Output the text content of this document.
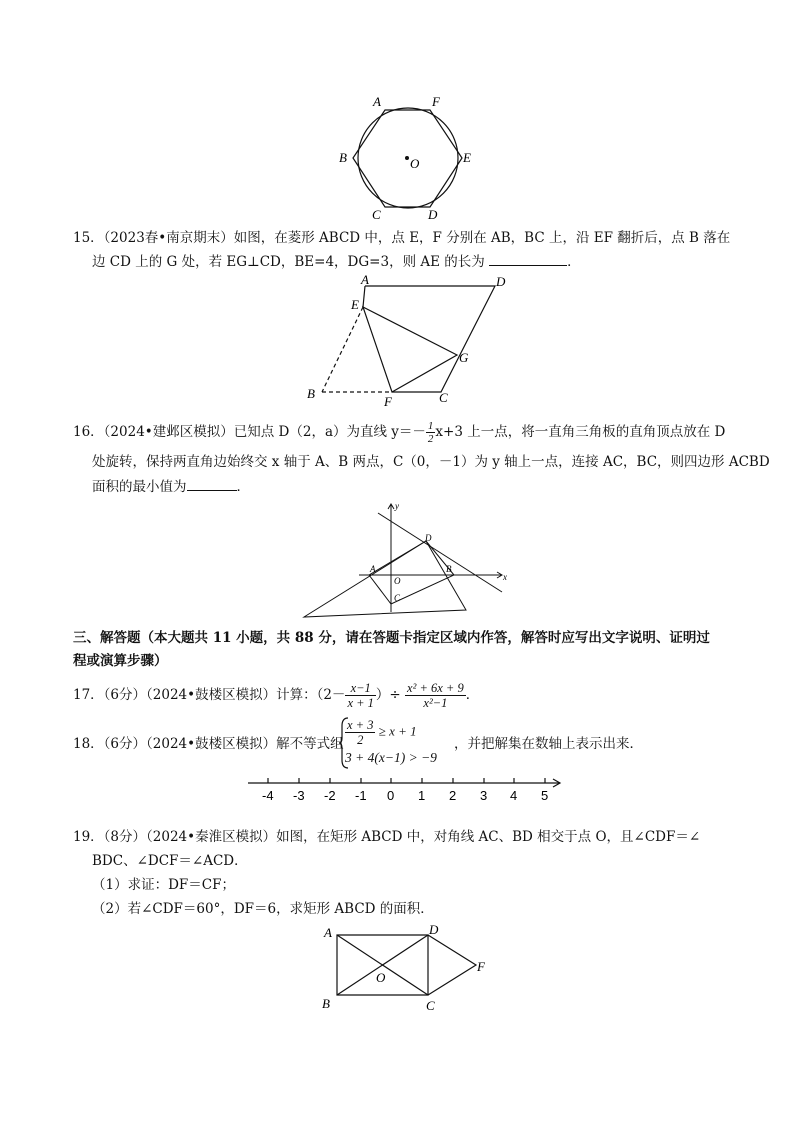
A	F
B	O	E
C	D
A	D
E
G
B
F	C
y
x
D
A
O
B
C
-4 -3 -2 -1 0 1 2 3 4 5
A	D
F
O
B	C
15．（2023春•南京期末）如图，在菱形 ABCD 中，点 E，F 分别在 AB，BC 上，沿 EF 翻折后，点 B 落在
边 CD 上的 G 处，若 EG⊥CD，BE=4，DG=3，则 AE 的长为	．
16．（2024•建邺区模拟）已知点 D（2，a）为直线 $y=- \frac{1}{2} x+3$ 上一点，将一直角三角板的直角顶点放在 D
处旋转，保持两直角边始终交 x 轴于 A、B 两点，C（0，－1）为 y 轴上一点，连接 AC，BC，则四边形 ACBD
面积的最小值为	．
三、解答题（本大题共 11 小题，共 88 分，请在答题卡指定区域内作答，解答时应写出文字说明、证明过
程或演算步骤）
17．（6分）（2024•鼓楼区模拟）计算：（$2- \frac{x-1}{x + 1}$ ）÷ $\frac{\text{x² + 6x + 9}}{\text{x²−1}}$ ．
18．（6分）（2024•鼓楼区模拟）解不等式组 $\frac{x + 3}{2} \ge x + 1$
3 + 4(x−1) > −9
，并把解集在数轴上表示出来．
19．（8分）（2024•秦淮区模拟）如图，在矩形 ABCD 中，对角线 AC、BD 相交于点 O，且∠CDF＝∠
BDC、∠DCF＝∠ACD．
（1）求证：DF＝CF；
（2）若∠CDF＝60°，DF＝6，求矩形 ABCD 的面积．
